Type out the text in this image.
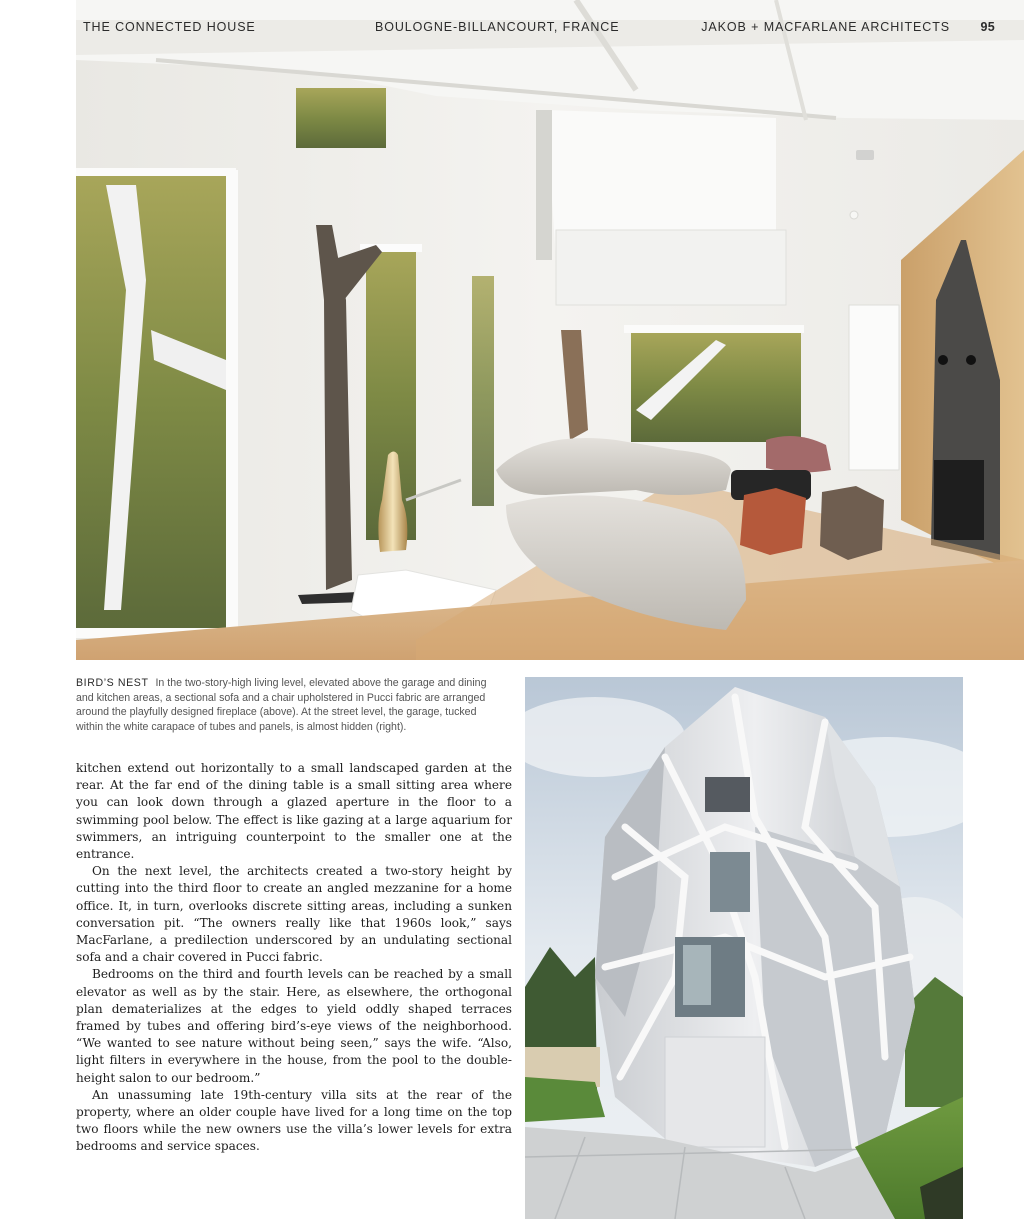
THE CONNECTED HOUSE	BOULOGNE-BILLANCOURT, FRANCE	JAKOB + MACFARLANE ARCHITECTS 95
BIRD’S NEST In the two-story-high living level, elevated above the garage and dining and kitchen areas, a sectional sofa and a chair upholstered in Pucci fabric are arranged around the playfully designed fireplace (above). At the street level, the garage, tucked within the white carapace of tubes and panels, is almost hidden (right).

kitchen extend out horizontally to a small landscaped garden at the rear. At the far end of the dining table is a small sitting area where you can look down through a glazed aperture in the floor to a swimming pool below. The effect is like gazing at a large aquarium for swimmers, an intriguing counterpoint to the smaller one at the entrance.

On the next level, the architects created a two-story height by cutting into the third floor to create an angled mezzanine for a home office. It, in turn, overlooks discrete sitting areas, including a sunken conversation pit. “The owners really like that 1960s look,” says MacFarlane, a predilection underscored by an undulating sectional sofa and a chair covered in Pucci fabric.

Bedrooms on the third and fourth levels can be reached by a small elevator as well as by the stair. Here, as elsewhere, the orthogonal plan dematerializes at the edges to yield oddly shaped terraces framed by tubes and offering bird’s-eye views of the neighborhood. “We wanted to see nature without being seen,” says the wife. “Also, light filters in everywhere in the house, from the pool to the double-height salon to our bedroom.”

An unassuming late 19th-century villa sits at the rear of the property, where an older couple have lived for a long time on the top two floors while the new owners use the villa’s lower levels for extra bedrooms and service spaces.
